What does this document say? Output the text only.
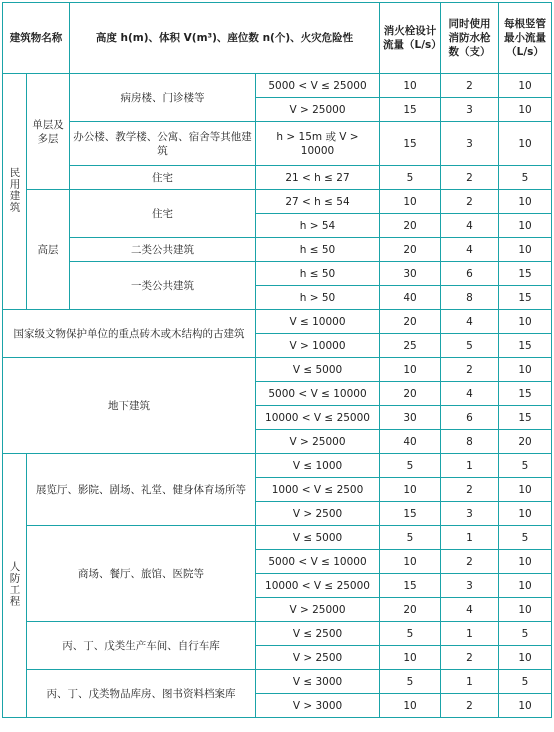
建筑物名称		高度 h(m)、体积 V(m³)、座位数 n(个)、火灾危险性		消火栓设计流量（L/s）	同时使用消防水枪数（支）	每根竖管最小流量（L/s）
民用建筑	单层及多层	病房楼、门诊楼等	5000 < V ≤ 25000	10	2	10
			V > 25000	15	3	10
		办公楼、教学楼、公寓、宿舍等其他建筑	h > 15m 或 V > 10000	15	3	10
		住宅	21 < h ≤ 27	5	2	5
	高层	住宅	27 < h ≤ 54	10	2	10
			h > 54	20	4	10
		二类公共建筑	h ≤ 50	20	4	10
		一类公共建筑	h ≤ 50	30	6	15
			h > 50	40	8	15
国家级文物保护单位的重点砖木或木结构的古建筑			V ≤ 10000	20	4	10
			V > 10000	25	5	15
地下建筑			V ≤ 5000	10	2	10
			5000 < V ≤ 10000	20	4	15
			10000 < V ≤ 25000	30	6	15
			V > 25000	40	8	20
人防工程	展览厅、影院、剧场、礼堂、健身体育场所等		V ≤ 1000	5	1	5
			1000 < V ≤ 2500	10	2	10
			V > 2500	15	3	10
	商场、餐厅、旅馆、医院等		V ≤ 5000	5	1	5
			5000 < V ≤ 10000	10	2	10
			10000 < V ≤ 25000	15	3	10
			V > 25000	20	4	10
	丙、丁、戊类生产车间、自行车库		V ≤ 2500	5	1	5
			V > 2500	10	2	10
	丙、丁、戊类物品库房、图书资料档案库		V ≤ 3000	5	1	5
			V > 3000	10	2	10
